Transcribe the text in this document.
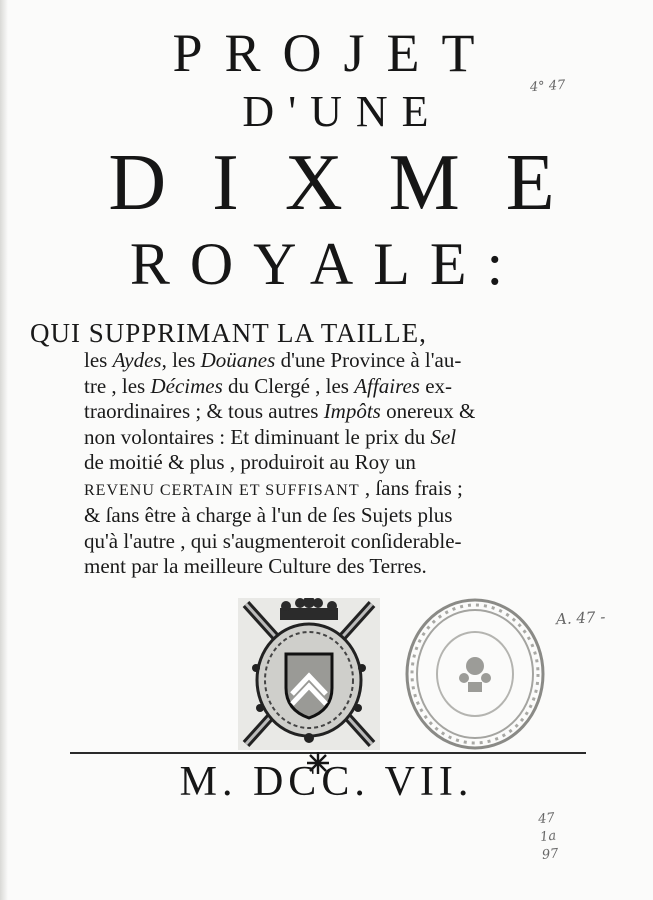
PROJET
D'UNE
DIXME
ROYALE:
4° 47

QUI SUPPRIMANT LA TAILLE,

les Aydes, les Doüanes d'une Province à l'au-

tre , les Décimes du Clergé , les Affaires ex-

traordinaires ; & tous autres Impôts onereux &

non volontaires : Et diminuant le prix du Sel

de moitié & plus , produiroit au Roy un

REVENU CERTAIN ET SUFFISANT , ſans frais ;

& ſans être à charge à l'un de ſes Sujets plus

qu'à l'autre , qui s'augmenteroit conſiderable-

ment par la meilleure Culture des Terres.

A. 47 -

M. DCC. VII.

47
1a
97
